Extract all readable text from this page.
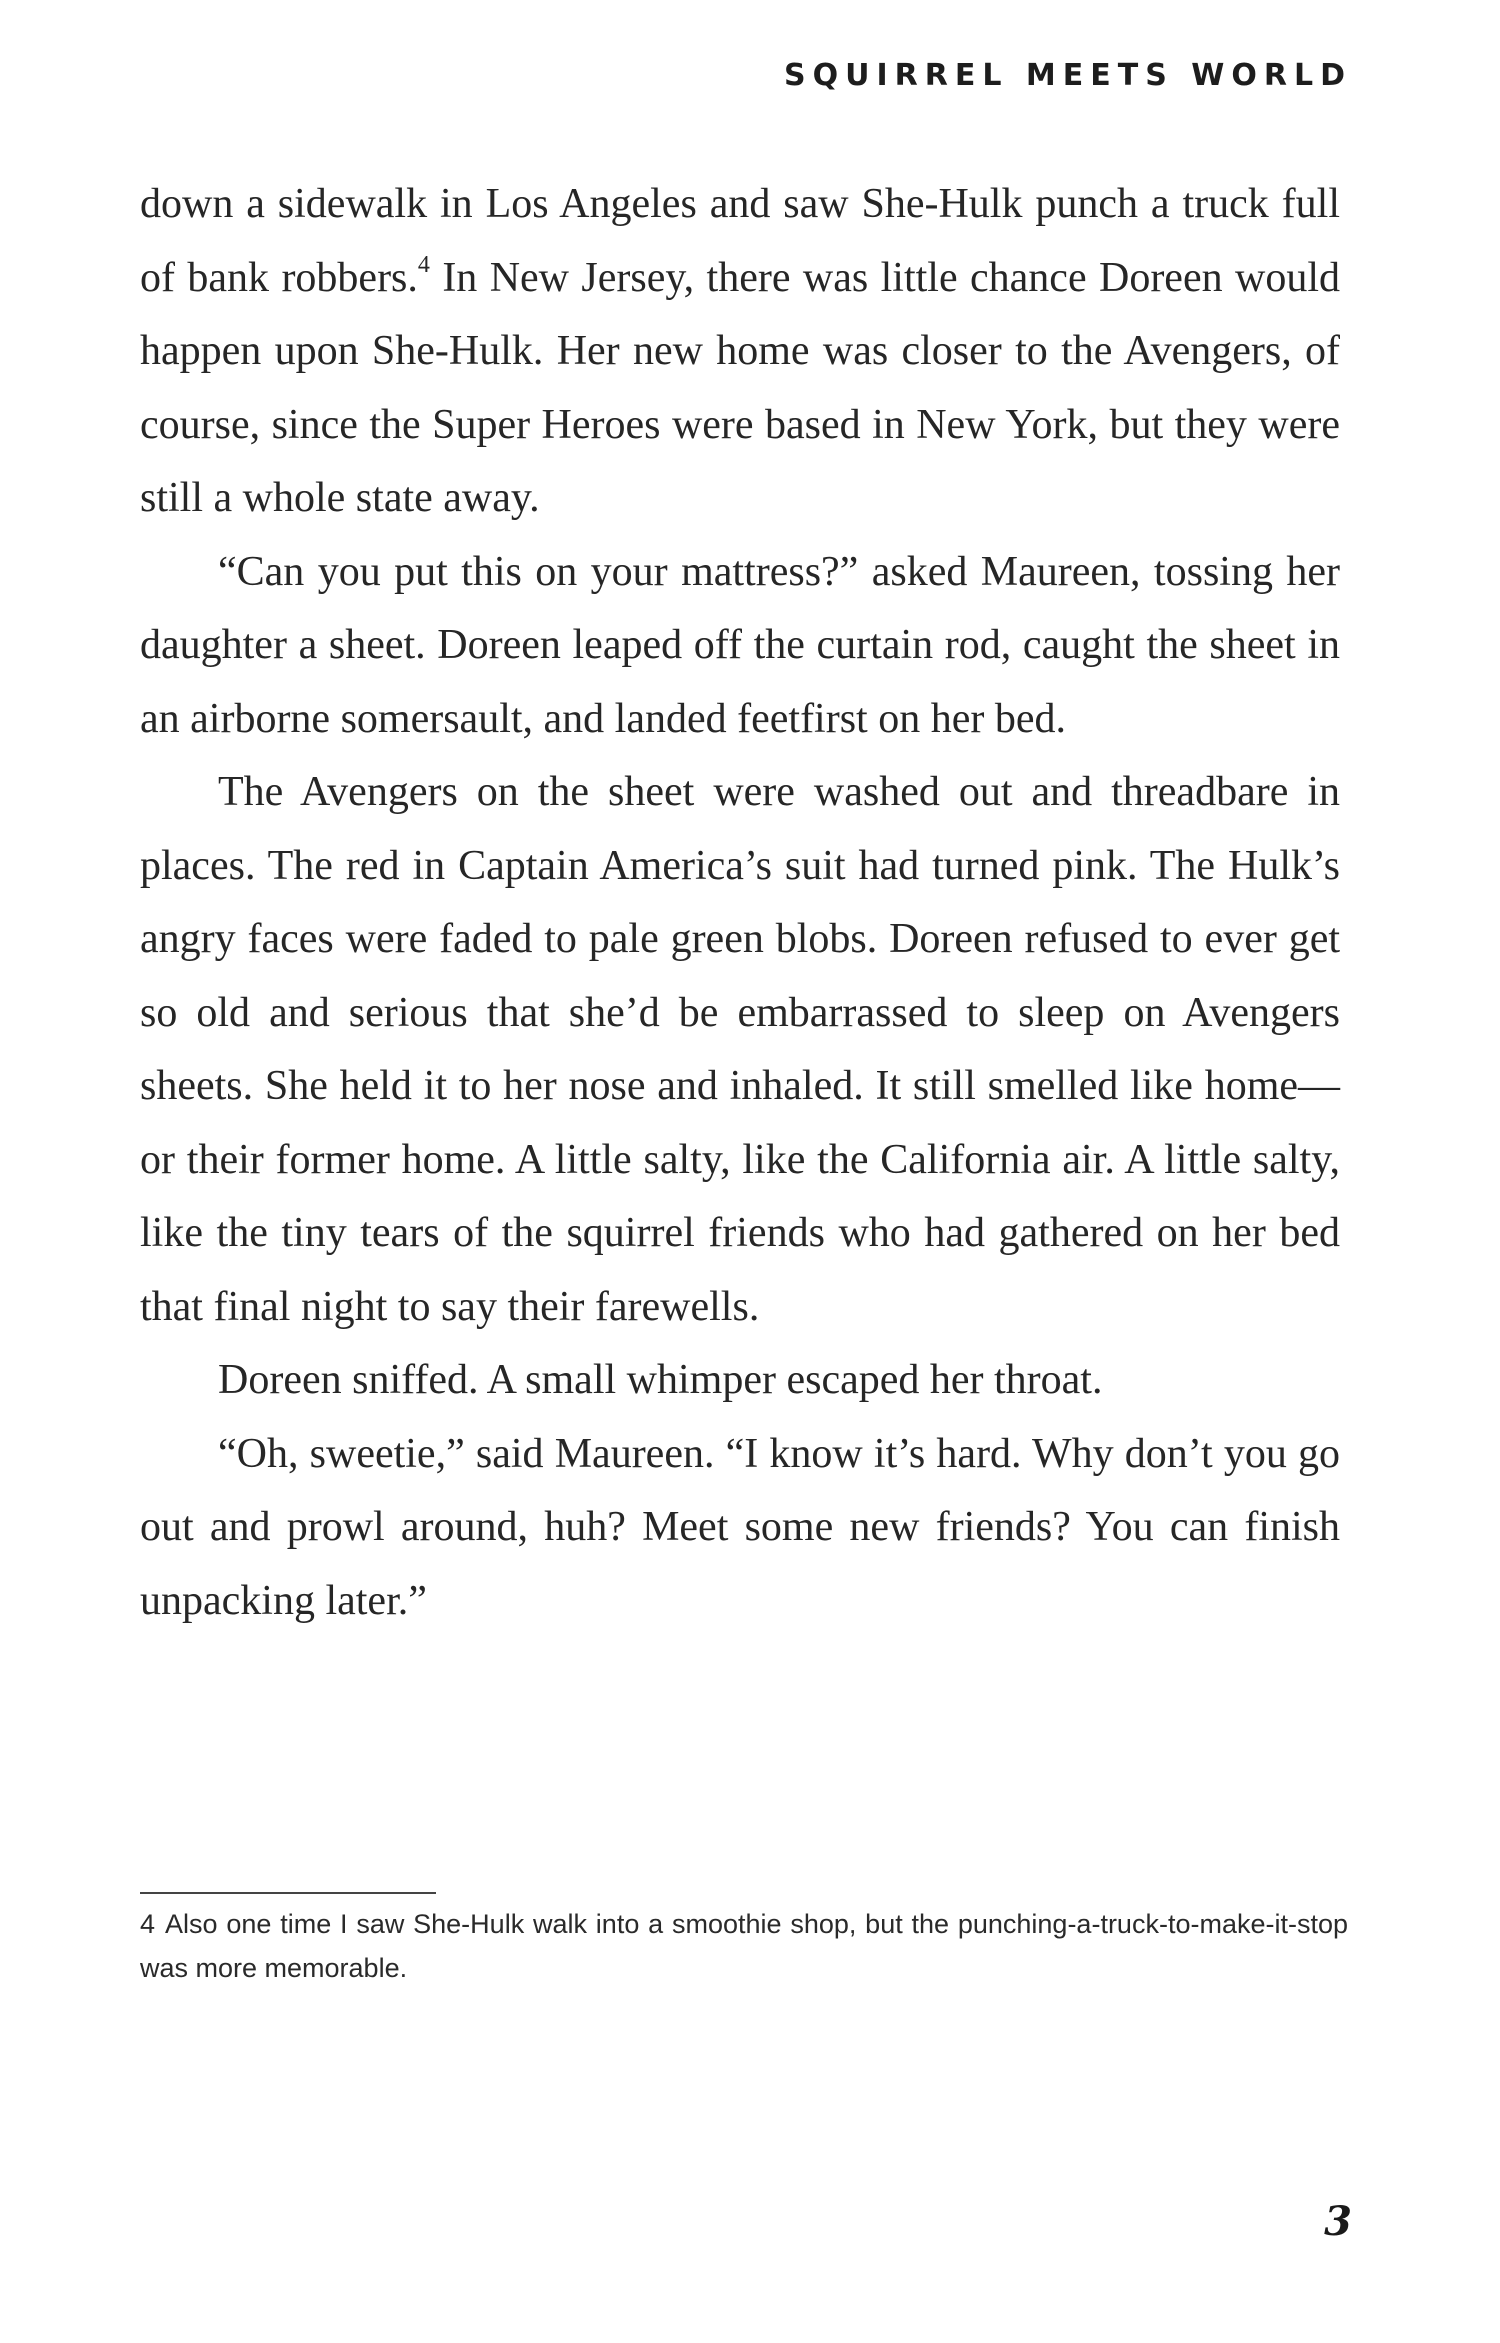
SQUIRREL MEETS WORLD

down a sidewalk in Los Angeles and saw She-Hulk punch a truck full of bank robbers.$^4$ In New Jersey, there was little chance Doreen would happen upon She-Hulk. Her new home was closer to the Avengers, of course, since the Super Heroes were based in New York, but they were still a whole state away.

“Can you put this on your mattress?” asked Maureen, tossing her daughter a sheet. Doreen leaped off the curtain rod, caught the sheet in an airborne somersault, and landed feetfirst on her bed.

The Avengers on the sheet were washed out and threadbare in places. The red in Captain America’s suit had turned pink. The Hulk’s angry faces were faded to pale green blobs. Doreen refused to ever get so old and serious that she’d be embarrassed to sleep on Avengers sheets. She held it to her nose and inhaled. It still smelled like home—or their former home. A little salty, like the California air. A little salty, like the tiny tears of the squirrel friends who had gathered on her bed that final night to say their farewells.

Doreen sniffed. A small whimper escaped her throat.

“Oh, sweetie,” said Maureen. “I know it’s hard. Why don’t you go out and prowl around, huh? Meet some new friends? You can finish unpacking later.”

4 Also one time I saw She-Hulk walk into a smoothie shop, but the punching-a-truck-to-make-it-stop was more memorable.
3
